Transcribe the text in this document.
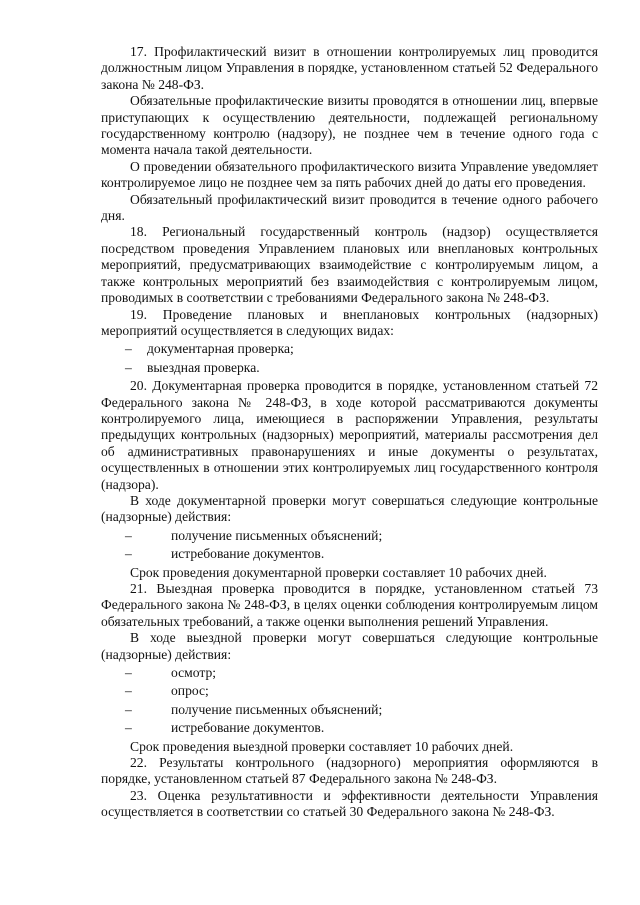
17. Профилактический визит в отношении контролируемых лиц проводится должностным лицом Управления в порядке, установленном статьей 52 Федерального закона № 248-ФЗ.

Обязательные профилактические визиты проводятся в отношении лиц, впервые приступающих к осуществлению деятельности, подлежащей региональному государственному контролю (надзору), не позднее чем в течение одного года с момента начала такой деятельности.

О проведении обязательного профилактического визита Управление уведомляет контролируемое лицо не позднее чем за пять рабочих дней до даты его проведения.

Обязательный профилактический визит проводится в течение одного рабочего дня.

18. Региональный государственный контроль (надзор) осуществляется посредством проведения Управлением плановых или внеплановых контрольных мероприятий, предусматривающих взаимодействие с контролируемым лицом, а также контрольных мероприятий без взаимодействия с контролируемым лицом, проводимых в соответствии с требованиями Федерального закона № 248-ФЗ.

19. Проведение плановых и внеплановых контрольных (надзорных) мероприятий осуществляется в следующих видах:

–	документарная проверка;
–	выездная проверка.

20. Документарная проверка проводится в порядке, установленном статьей 72 Федерального закона № 248-ФЗ, в ходе которой рассматриваются документы контролируемого лица, имеющиеся в распоряжении Управления, результаты предыдущих контрольных (надзорных) мероприятий, материалы рассмотрения дел об административных правонарушениях и иные документы о результатах, осуществленных в отношении этих контролируемых лиц государственного контроля (надзора).

В ходе документарной проверки могут совершаться следующие контрольные (надзорные) действия:

–	получение письменных объяснений;
–	истребование документов.

Срок проведения документарной проверки составляет 10 рабочих дней.

21. Выездная проверка проводится в порядке, установленном статьей 73 Федерального закона № 248-ФЗ, в целях оценки соблюдения контролируемым лицом обязательных требований, а также оценки выполнения решений Управления.

В ходе выездной проверки могут совершаться следующие контрольные (надзорные) действия:

–	осмотр;
–	опрос;
–	получение письменных объяснений;
–	истребование документов.

Срок проведения выездной проверки составляет 10 рабочих дней.

22. Результаты контрольного (надзорного) мероприятия оформляются в порядке, установленном статьей 87 Федерального закона № 248-ФЗ.

23. Оценка результативности и эффективности деятельности Управления осуществляется в соответствии со статьей 30 Федерального закона № 248-ФЗ.
